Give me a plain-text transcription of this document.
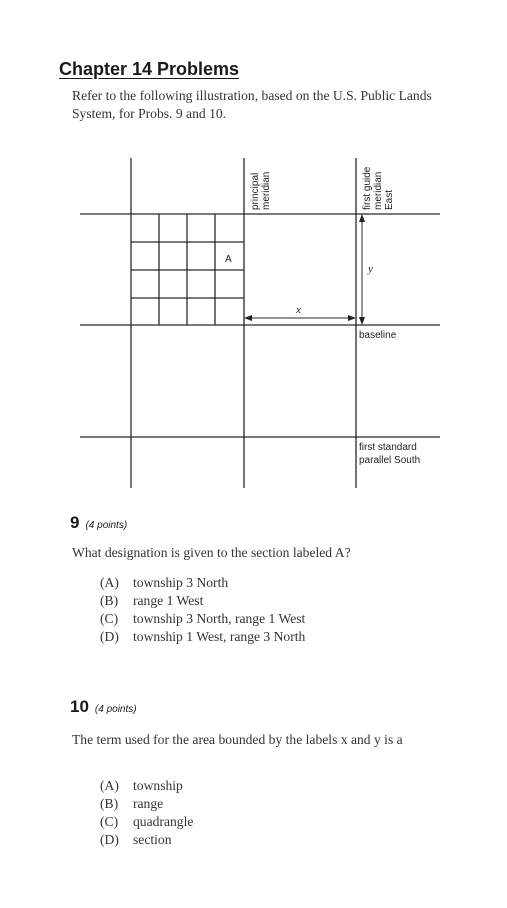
Chapter 14 Problems

Refer to the following illustration, based on the U.S. Public Lands System, for Probs. 9 and 10.

A
x
y
principal meridian	first guide meridian East
baseline
first standard
parallel South
9 (4 points)

What designation is given to the section labeled A?

(A) township 3 North
(B) range 1 West
(C) township 3 North, range 1 West
(D) township 1 West, range 3 North
10 (4 points)

The term used for the area bounded by the labels x and y is a

(A) township
(B) range
(C) quadrangle
(D) section
